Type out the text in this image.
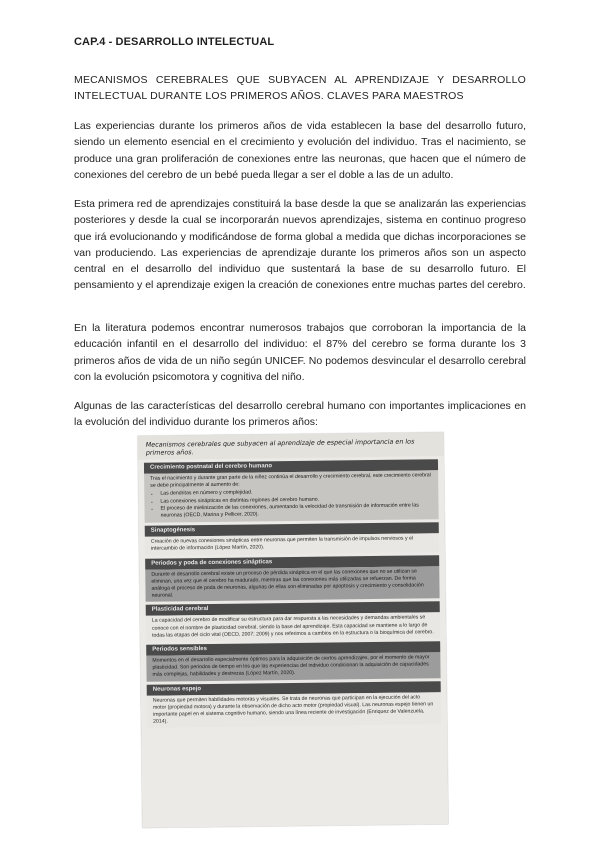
CAP.4 - DESARROLLO INTELECTUAL
MECANISMOS CEREBRALES QUE SUBYACEN AL APRENDIZAJE Y DESARROLLO INTELECTUAL DURANTE LOS PRIMEROS AÑOS. CLAVES PARA MAESTROS

Las experiencias durante los primeros años de vida establecen la base del desarrollo futuro, siendo un elemento esencial en el crecimiento y evolución del individuo. Tras el nacimiento, se produce una gran proliferación de conexiones entre las neuronas, que hacen que el número de conexiones del cerebro de un bebé pueda llegar a ser el doble a las de un adulto.

Esta primera red de aprendizajes constituirá la base desde la que se analizarán las experiencias posteriores y desde la cual se incorporarán nuevos aprendizajes, sistema en continuo progreso que irá evolucionando y modificándose de forma global a medida que dichas incorporaciones se van produciendo. Las experiencias de aprendizaje durante los primeros años son un aspecto central en el desarrollo del individuo que sustentará la base de su desarrollo futuro. El pensamiento y el aprendizaje exigen la creación de conexiones entre muchas partes del cerebro.

En la literatura podemos encontrar numerosos trabajos que corroboran la importancia de la educación infantil en el desarrollo del individuo: el 87% del cerebro se forma durante los 3 primeros años de vida de un niño según UNICEF. No podemos desvincular el desarrollo cerebral con la evolución psicomotora y cognitiva del niño.

Algunas de las características del desarrollo cerebral humano con importantes implicaciones en la evolución del individuo durante los primeros años:

Mecanismos cerebrales que subyacen al aprendizaje de especial importancia en los primeros años.
Crecimiento postnatal del cerebro humano
Tras el nacimiento y durante gran parte de la niñez continúa el desarrollo y crecimiento cerebral, este crecimiento cerebral se debe principalmente al aumento de:
• Las dendritas en número y complejidad.
• Las conexiones sinápticas en distintas regiones del cerebro humano.
• El proceso de mielinización de las conexiones, aumentando la velocidad de transmisión de información entre las neuronas (OECD, Marina y Pellicer, 2020).
Sinaptogénesis
Creación de nuevas conexiones sinápticas entre neuronas que permiten la transmisión de impulsos nerviosos y el intercambio de información (López Martín, 2020).
Periodos y poda de conexiones sinápticas
Durante el desarrollo cerebral existe un proceso de pérdida sináptica en el que las conexiones que no se utilizan se eliminan, una vez que el cerebro ha madurado, mientras que las conexiones más utilizadas se refuerzan. De forma análoga el proceso de poda de neuronas, algunas de ellas son eliminadas por apoptosis y crecimiento y consolidación neuronal.
Plasticidad cerebral
La capacidad del cerebro de modificar su estructura para dar respuesta a las necesidades y demandas ambientales se conoce con el nombre de plasticidad cerebral, siendo la base del aprendizaje. Esta capacidad se mantiene a lo largo de todas las etapas del ciclo vital (OECD, 2007; 2009) y nos referimos a cambios en la estructura o la bioquímica del cerebro.
Periodos sensibles
Momentos en el desarrollo especialmente óptimos para la adquisición de ciertos aprendizajes, por el momento de mayor plasticidad. Son periodos de tiempo en los que las experiencias del individuo condicionan la adquisición de capacidades más complejas, habilidades y destrezas (López Martín, 2020).
Neuronas espejo
Neuronas que permiten habilidades motoras y visuales. Se trata de neuronas que participan en la ejecución del acto motor (propiedad motora) y durante la observación de dicho acto motor (propiedad visual). Las neuronas espejo tienen un importante papel en el sistema cognitivo humano, siendo una línea reciente de investigación (Enriquez de Valenzuela, 2014).
